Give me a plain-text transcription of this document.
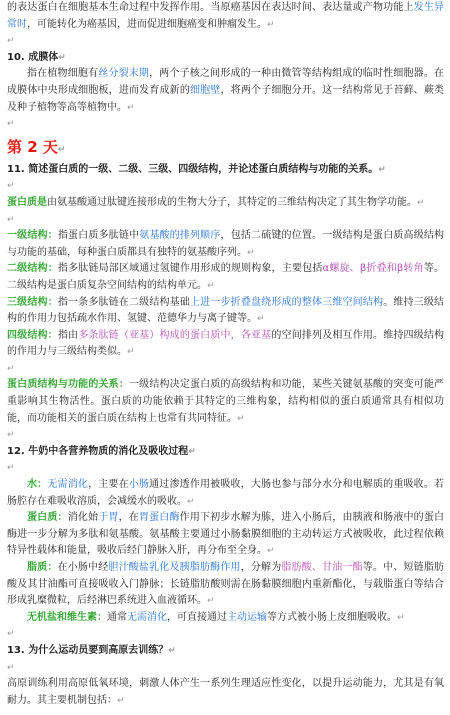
的表达蛋白在细胞基本生命过程中发挥作用。当原癌基因在表达时间、表达量或产物功能上发生异常时，可能转化为癌基因，进而促进细胞癌变和肿瘤发生。↵

↵

10. 成膜体↵

指在植物细胞有丝分裂末期，两个子核之间形成的一种由微管等结构组成的临时性细胞器。在成膜体中央形成细胞板，进而发育成新的细胞壁，将两个子细胞分开。这一结构常见于苔藓、蕨类及种子植物等高等植物中。↵

↵
第 2 天↵

11. 简述蛋白质的一级、二级、三级、四级结构，并论述蛋白质结构与功能的关系。↵

↵

蛋白质是由氨基酸通过肽键连接形成的生物大分子，其特定的三维结构决定了其生物学功能。↵

↵

一级结构：指蛋白质多肽链中氨基酸的排列顺序，包括二硫键的位置。一级结构是蛋白质高级结构与功能的基础，每种蛋白质都具有独特的氨基酸序列。↵

二级结构：指多肽链局部区域通过氢键作用形成的规则构象，主要包括α螺旋、β折叠和β转角等。二级结构是蛋白质复杂空间结构的结构单元。↵

三级结构：指一条多肽链在二级结构基础上进一步折叠盘绕形成的整体三维空间结构。维持三级结构的作用力包括疏水作用、氢键、范德华力与离子键等。↵

四级结构：指由多条肽链（亚基）构成的蛋白质中，各亚基的空间排列及相互作用。维持四级结构的作用力与三级结构类似。↵

↵

蛋白质结构与功能的关系：一级结构决定蛋白质的高级结构和功能，某些关键氨基酸的突变可能严重影响其生物活性。蛋白质的功能依赖于其特定的三维构象，结构相似的蛋白质通常具有相似功能，而功能相关的蛋白质在结构上也常有共同特征。↵

↵

12. 牛奶中各营养物质的消化及吸收过程↵

↵

水：无需消化，主要在小肠通过渗透作用被吸收，大肠也参与部分水分和电解质的重吸收。若肠腔存在难吸收溶质，会减缓水的吸收。↵

蛋白质：消化始于胃，在胃蛋白酶作用下初步水解为胨，进入小肠后，由胰液和肠液中的蛋白酶进一步分解为多肽和氨基酸。氨基酸主要通过小肠黏膜细胞的主动转运方式被吸收，此过程依赖特异性载体和能量，吸收后经门静脉入肝，再分布至全身。↵

脂质：在小肠中经胆汁酸盐乳化及胰脂肪酶作用，分解为脂肪酸、甘油一酯等。中、短链脂肪酸及其甘油酯可直接吸收入门静脉；长链脂肪酸则需在肠黏膜细胞内重新酯化，与载脂蛋白等结合形成乳糜微粒，后经淋巴系统进入血液循环。↵

无机盐和维生素：通常无需消化，可直接通过主动运输等方式被小肠上皮细胞吸收。↵

↵

13. 为什么运动员要到高原去训练？↵

↵

高原训练利用高原低氧环境，刺激人体产生一系列生理适应性变化，以提升运动能力，尤其是有氧耐力。其主要机制包括：↵
